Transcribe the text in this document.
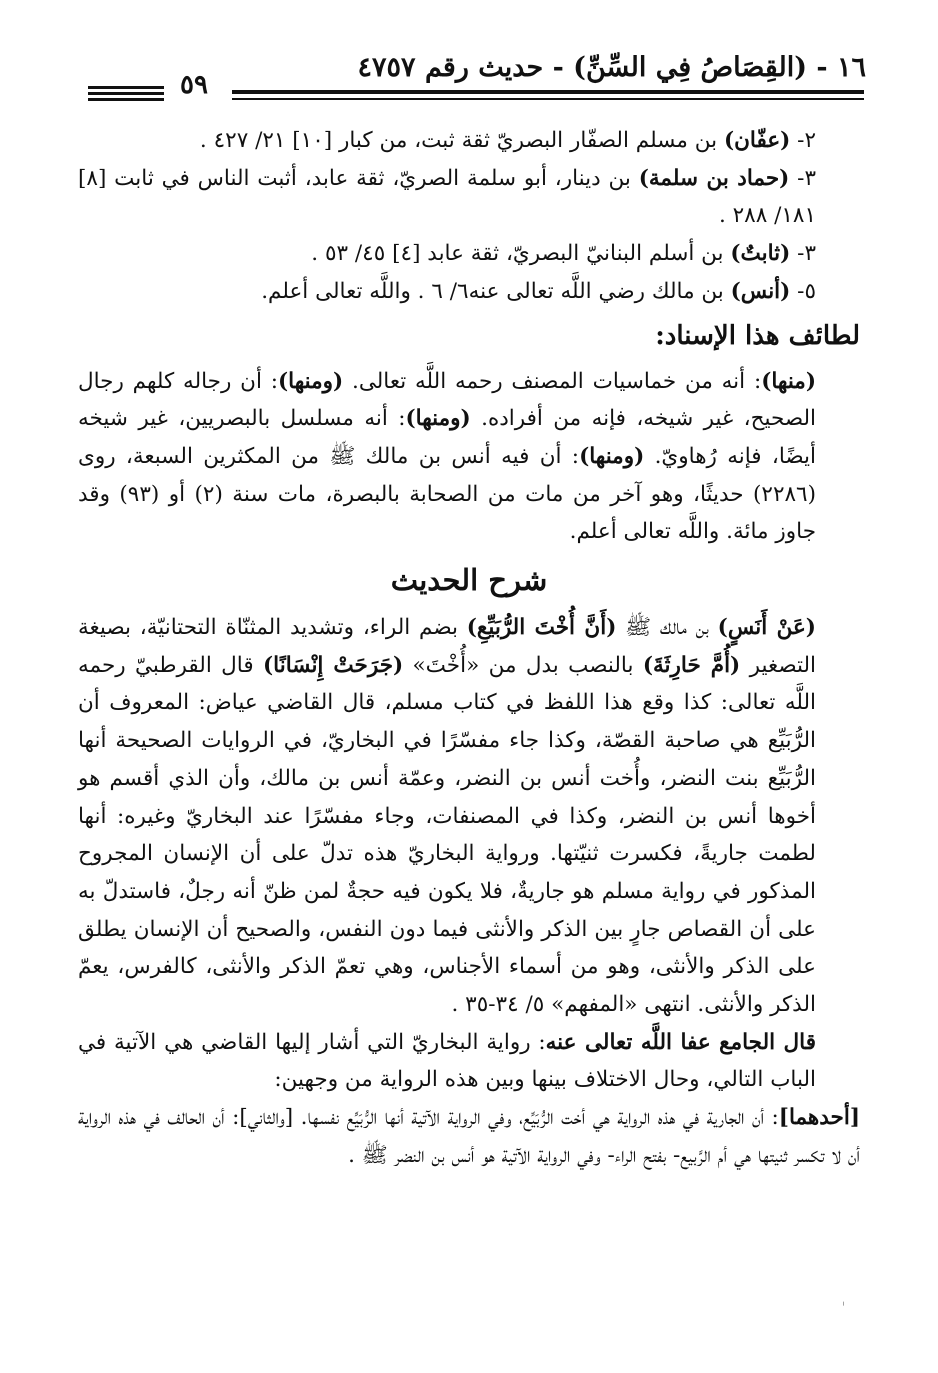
١٦ - (القِصَاصُ فِي السِّنِّ) - حديث رقم ٤٧٥٧
٥٩

٢- (عفّان) بن مسلم الصفّار البصريّ ثقة ثبت، من كبار [١٠] ٢١/ ٤٢٧ .

٣- (حماد بن سلمة) بن دينار، أبو سلمة الصريّ، ثقة عابد، أثبت الناس في ثابت [٨] ١٨١/ ٢٨٨ .

٣- (ثابتٌ) بن أسلم البنانيّ البصريّ، ثقة عابد [٤] ٤٥/ ٥٣ .

٥- (أنس) بن مالك رضي اللَّه تعالى عنه٦/ ٦ . واللَّه تعالى أعلم.

لطائف هذا الإسناد:

(منها): أنه من خماسيات المصنف رحمه اللَّه تعالى. (ومنها): أن رجاله كلهم رجال الصحيح، غير شيخه، فإنه من أفراده. (ومنها): أنه مسلسل بالبصريين، غير شيخه أيضًا، فإنه رُهاويّ. (ومنها): أن فيه أنس بن مالك ﷺ من المكثرين السبعة، روى (٢٢٨٦) حديثًا، وهو آخر من مات من الصحابة بالبصرة، مات سنة (٢) أو (٩٣) وقد جاوز مائة. واللَّه تعالى أعلم.

شرح الحديث

(عَنْ أَنَسٍ) بن مالك ﷺ (أَنَّ أُخْتَ الرُّبَيِّعِ) بضم الراء، وتشديد المثنّاة التحتانيّة، بصيغة التصغير (أُمَّ حَارِثَةَ) بالنصب بدل من «أُخْتَ» (جَرَحَتْ إِنْسَانًا) قال القرطبيّ رحمه اللَّه تعالى: كذا وقع هذا اللفظ في كتاب مسلم، قال القاضي عياض: المعروف أن الرُّبَيِّع هي صاحبة القصّة، وكذا جاء مفسّرًا في البخاريّ، في الروايات الصحيحة أنها الرُّبَيِّع بنت النضر، وأُخت أنس بن النضر، وعمّة أنس بن مالك، وأن الذي أقسم هو أخوها أنس بن النضر، وكذا في المصنفات، وجاء مفسّرًا عند البخاريّ وغيره: أنها لطمت جاريةً، فكسرت ثنيّتها. ورواية البخاريّ هذه تدلّ على أن الإنسان المجروح المذكور في رواية مسلم هو جاريةٌ، فلا يكون فيه حجةٌ لمن ظنّ أنه رجلٌ، فاستدلّ به على أن القصاص جارٍ بين الذكر والأنثى فيما دون النفس، والصحيح أن الإنسان يطلق على الذكر والأنثى، وهو من أسماء الأجناس، وهي تعمّ الذكر والأنثى، كالفرس، يعمّ الذكر والأنثى. انتهى «المفهم» ٥/ ٣٤-٣٥ .

قال الجامع عفا اللَّه تعالى عنه: رواية البخاريّ التي أشار إليها القاضي هي الآتية في الباب التالي، وحال الاختلاف بينها وبين هذه الرواية من وجهين:

[أحدهما]: أن الجارية في هذه الرواية هي أخت الرُّبَيِّع، وفي الرواية الآتية أنها الرُّبَيِّع نفسها. [والثاني]: أن الحالف في هذه الرواية أن لا تكسر ثنيتها هي أم الرَّبيع- بفتح الراء- وفي الرواية الآتية هو أنس بن النضر ﷺ .
